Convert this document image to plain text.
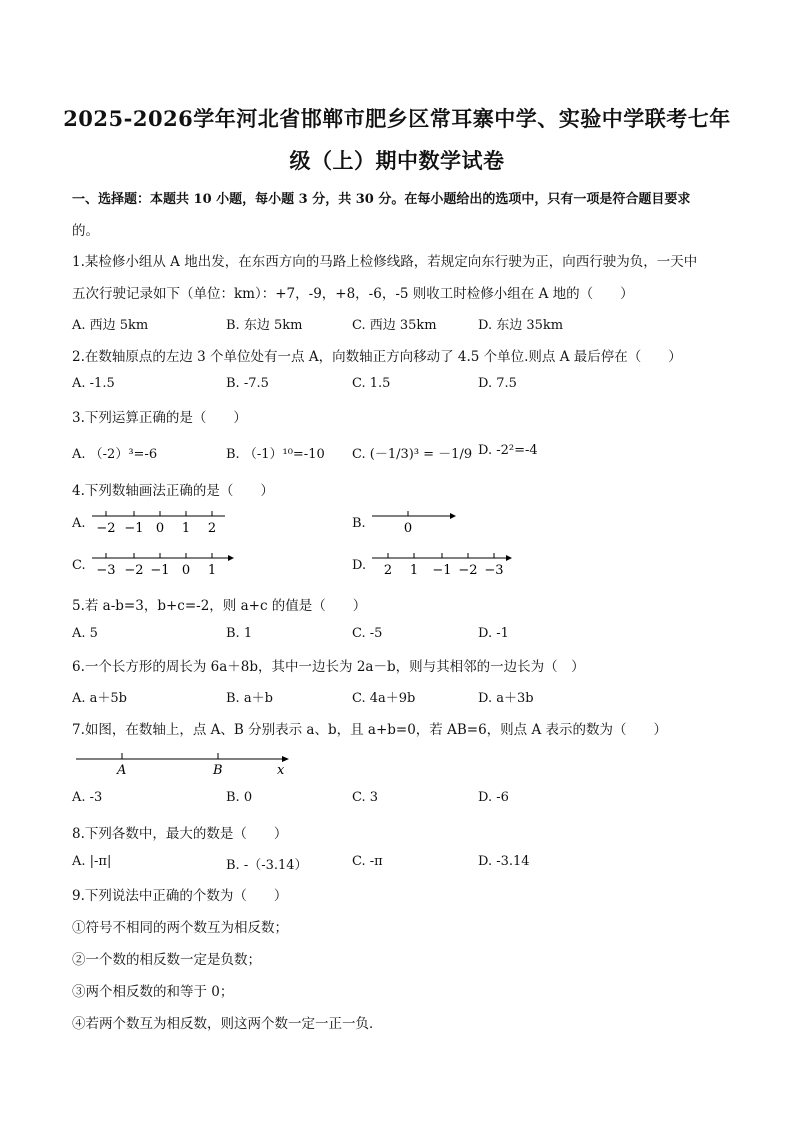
2025-2026学年河北省邯郸市肥乡区常耳寨中学、实验中学联考七年
级（上）期中数学试卷
一、选择题：本题共 10 小题，每小题 3 分，共 30 分。在每小题给出的选项中，只有一项是符合题目要求
的。
1.某检修小组从 A 地出发，在东西方向的马路上检修线路，若规定向东行驶为正，向西行驶为负，一天中
五次行驶记录如下（单位：km）：+7，-9，+8，-6，-5 则收工时检修小组在 A 地的（　　）
A. 西边 5km	B. 东边 5km	C. 西边 35km	D. 东边 35km
2.在数轴原点的左边 3 个单位处有一点 A，向数轴正方向移动了 4.5 个单位.则点 A 最后停在（　　）
A. -1.5	B. -7.5	C. 1.5	D. 7.5
3.下列运算正确的是（　　）
A. （-2）³=-6	B. （-1）¹⁰=-10 C. (－1/3)³ = －1/9 D. -2²=-4
4.下列数轴画法正确的是（　　）
A. −2 −1 0 1 2	B.	0
C. −3 −2 −1 0 1	D. 2 1 −1 −2 −3
5.若 a-b=3，b+c=-2，则 a+c 的值是（　　）
A. 5	B. 1	C. -5	D. -1
6.一个长方形的周长为 6a＋8b，其中一边长为 2a－b，则与其相邻的一边长为（　）
A. a＋5b	B. a＋b	C. 4a＋9b	D. a＋3b
7.如图，在数轴上，点 A、B 分别表示 a、b，且 a+b=0，若 AB=6，则点 A 表示的数为（　　）
A	B	x
A. -3	B. 0	C. 3	D. -6
8.下列各数中，最大的数是（　　）
A. |-π|	B. -（-3.14）	C. -π	D. -3.14
9.下列说法中正确的个数为（　　）
①符号不相同的两个数互为相反数；
②一个数的相反数一定是负数；
③两个相反数的和等于 0；
④若两个数互为相反数，则这两个数一定一正一负．
